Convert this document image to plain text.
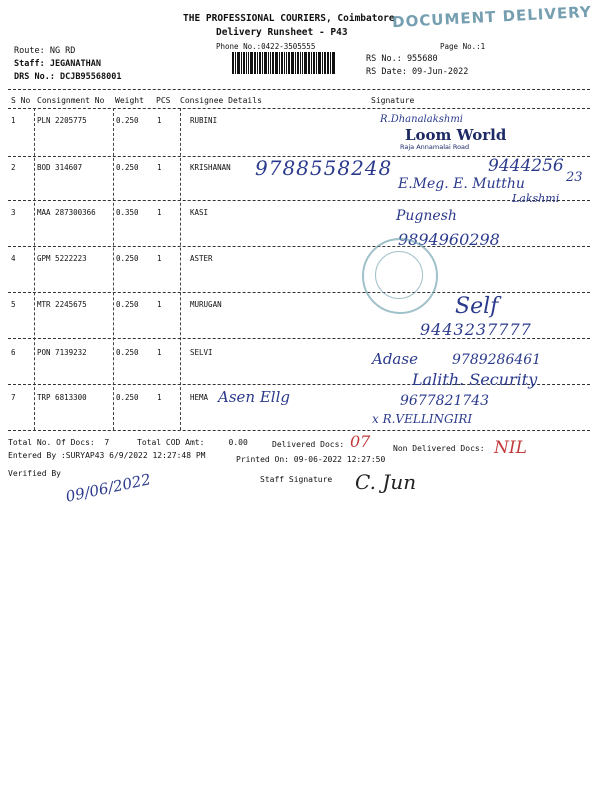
THE PROFESSIONAL COURIERS, Coimbatore
Delivery Runsheet - P43
Phone No.:0422-3505555	Page No.:1
DOCUMENT DELIVERY
Route: NG RD
Staff: JEGANATHAN
DRS No.: DCJB95568001
RS No.: 955680
RS Date: 09-Jun-2022
S No Consignment No Weight PCS Consignee Details	Signature
1	PLN 2205775	0.250 1	RUBINI
2	BOD 314607	0.250 1	KRISHANAN
3	MAA 287300366	0.350 1	KASI
4	GPM 5222223	0.250 1	ASTER
5	MTR 2245675	0.250 1	MURUGAN
6	PON 7139232	0.250 1	SELVI
7	TRP 6813300	0.250 1	HEMA Asen Ellg
R.Dhanalakshmi
Loom World
Raja Annamalai Road
9788558248	9444256
23
E.Meg. E. Mutthu
Lakshmi
Pugnesh
9894960298
Self
9443237777
Adase 9789286461
Lalith. Security
9677821743
x R.VELLINGIRI
Total No. Of Docs:  7	Total COD Amt:     0.00	Delivered Docs: 07	Non Delivered Docs: NIL
Entered By :SURYAP43 6/9/2022 12:27:48 PM	Printed On: 09-06-2022 12:27:50
Verified By 09/06/2022	Staff Signature C. Jun
